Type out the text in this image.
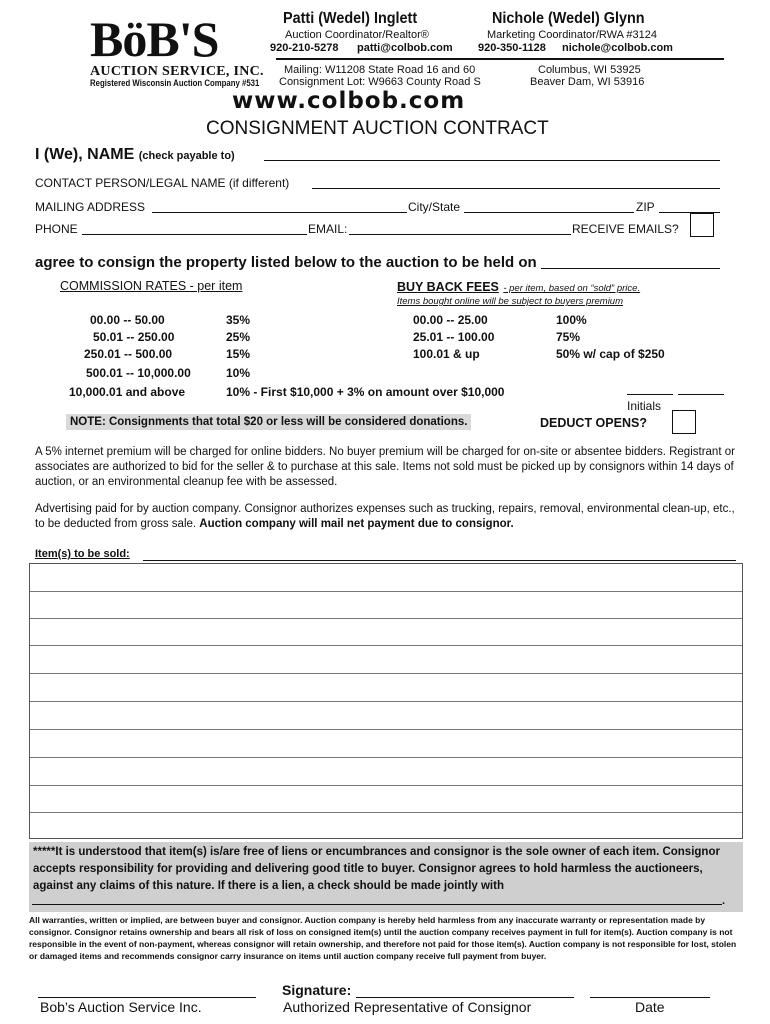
BöB'S
AUCTION SERVICE, INC.
Registered Wisconsin Auction Company #531
Patti (Wedel) Inglett
Auction Coordinator/Realtor®
920-210-5278 patti@colbob.com
Nichole (Wedel) Glynn
Marketing Coordinator/RWA #3124
920-350-1128 nichole@colbob.com
Mailing: W11208 State Road 16 and 60	Columbus, WI 53925
Consignment Lot: W9663 County Road S	Beaver Dam, WI 53916
www.colbob.com
CONSIGNMENT AUCTION CONTRACT
I (We), NAME (check payable to)
CONTACT PERSON/LEGAL NAME (if different)
MAILING ADDRESS	City/State	ZIP
PHONE	EMAIL:	RECEIVE EMAILS?
agree to consign the property listed below to the auction to be held on
COMMISSION RATES - per item
00.00 -- 50.00	35%
50.01 -- 250.00	25%
250.01 -- 500.00	15%
500.01 -- 10,000.00	10%
10,000.01 and above	10% - First $10,000 + 3% on amount over $10,000
BUY BACK FEES - per item, based on “sold” price.
Items bought online will be subject to buyers premium
00.00 -- 25.00	100%
25.01 -- 100.00	75%
100.01 & up	50% w/ cap of $250
Initials
NOTE: Consignments that total $20 or less will be considered donations.	DEDUCT OPENS?
A 5% internet premium will be charged for online bidders. No buyer premium will be charged for on-site or absentee bidders. Registrant or associates are authorized to bid for the seller & to purchase at this sale. Items not sold must be picked up by consignors within 14 days of auction, or an environmental cleanup fee with be assessed.
Advertising paid for by auction company. Consignor authorizes expenses such as trucking, repairs, removal, environmental clean-up, etc., to be deducted from gross sale. Auction company will mail net payment due to consignor.
Item(s) to be sold:
*****It is understood that item(s) is/are free of liens or encumbrances and consignor is the sole owner of each item. Consignor accepts responsibility for providing and delivering good title to buyer. Consignor agrees to hold harmless the auctioneers, against any claims of this nature. If there is a lien, a check should be made jointly with
.
All warranties, written or implied, are between buyer and consignor. Auction company is hereby held harmless from any inaccurate warranty or representation made by consignor. Consignor retains ownership and bears all risk of loss on consigned item(s) until the auction company receives payment in full for item(s). Auction company is not responsible in the event of non-payment, whereas consignor will retain ownership, and therefore not paid for those item(s). Auction company is not responsible for lost, stolen or damaged items and recommends consignor carry insurance on items until auction company receive full payment from buyer.
Signature:
Bob’s Auction Service Inc.	Authorized Representative of Consignor	Date
